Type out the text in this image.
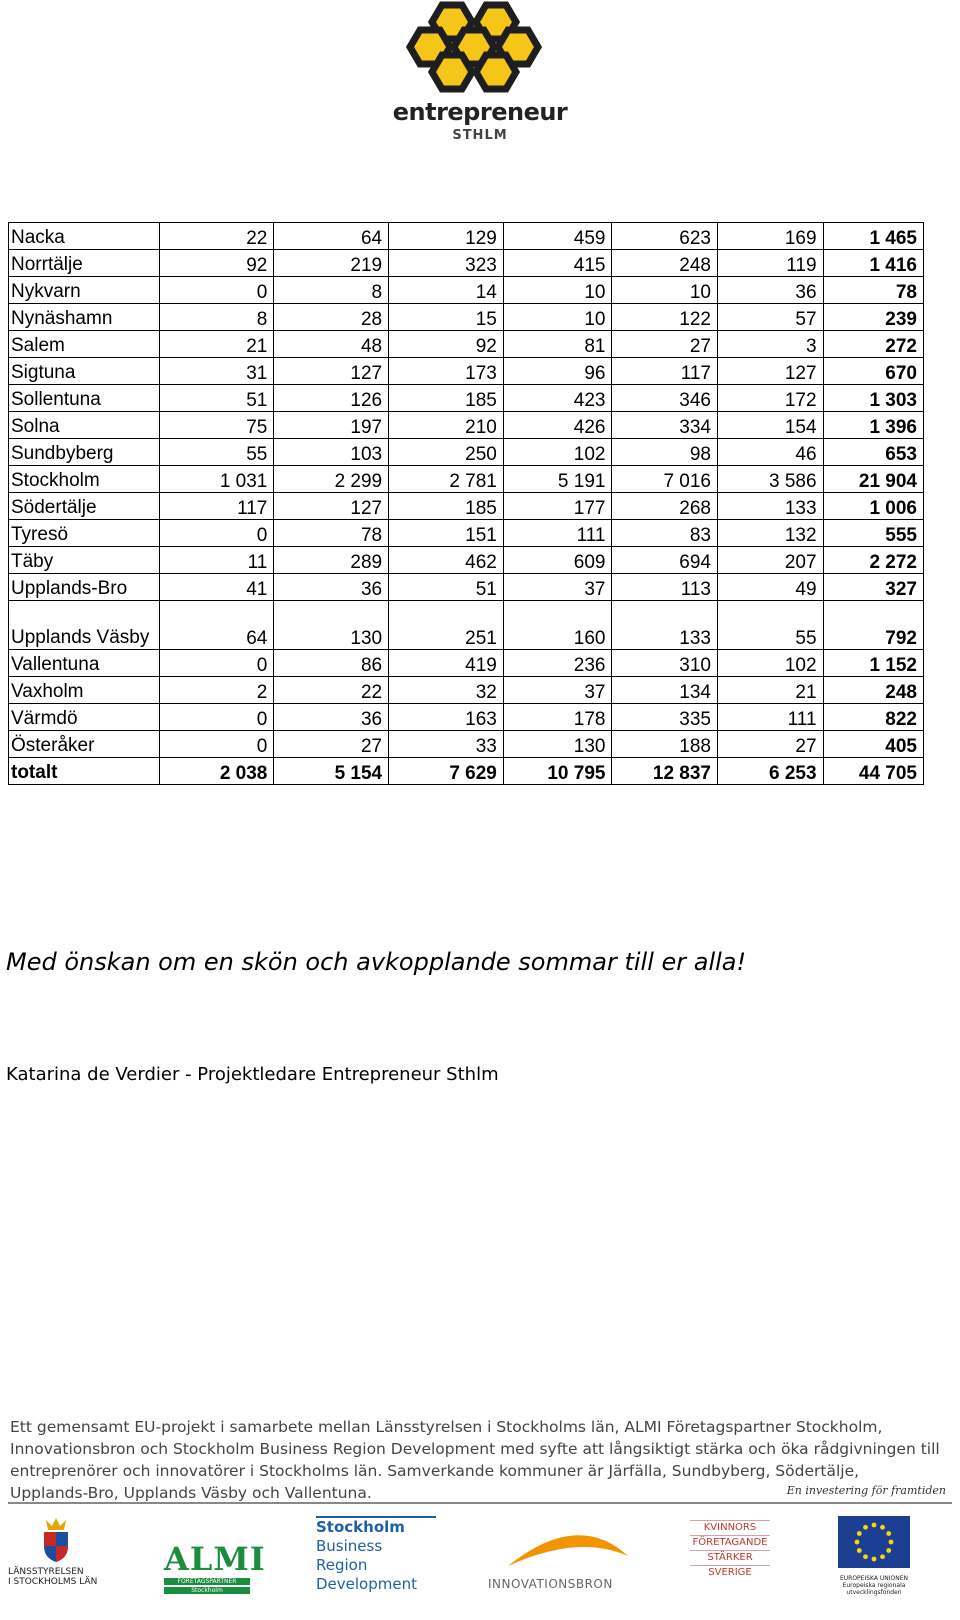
entrepreneur
STHLM
Nacka	22	64	129	459	623	169	1 465
Norrtälje	92	219	323	415	248	119	1 416
Nykvarn	0	8	14	10	10	36	78
Nynäshamn	8	28	15	10	122	57	239
Salem	21	48	92	81	27	3	272
Sigtuna	31	127	173	96	117	127	670
Sollentuna	51	126	185	423	346	172	1 303
Solna	75	197	210	426	334	154	1 396
Sundbyberg	55	103	250	102	98	46	653
Stockholm	1 031	2 299	2 781	5 191	7 016	3 586	21 904
Södertälje	117	127	185	177	268	133	1 006
Tyresö	0	78	151	111	83	132	555
Täby	11	289	462	609	694	207	2 272
Upplands-Bro	41	36	51	37	113	49	327
Upplands Väsby	64	130	251	160	133	55	792
Vallentuna	0	86	419	236	310	102	1 152
Vaxholm	2	22	32	37	134	21	248
Värmdö	0	36	163	178	335	111	822
Österåker	0	27	33	130	188	27	405
totalt	2 038	5 154	7 629	10 795	12 837	6 253	44 705
Med önskan om en skön och avkopplande sommar till er alla!
Katarina de Verdier - Projektledare Entrepreneur Sthlm
Ett gemensamt EU-projekt i samarbete mellan Länsstyrelsen i Stockholms län, ALMI Företagspartner Stockholm, Innovationsbron och Stockholm Business Region Development med syfte att långsiktigt stärka och öka rådgivningen till entreprenörer och innovatörer i Stockholms län. Samverkande kommuner är Järfälla, Sundbyberg, Södertälje, Upplands-Bro, Upplands Väsby och Vallentuna.	En investering för framtiden
LÄNSSTYRELSEN
I STOCKHOLMS LÄN
ALMI
FÖRETAGSPARTNER
Stockholm
Stockholm
Business Region
Development	INNOVATIONSBRON
KVINNORS
FÖRETAGANDE
STÄRKER
SVERIGE
EUROPEISKA UNIONEN
Europeiska regionala
utvecklingsfonden
